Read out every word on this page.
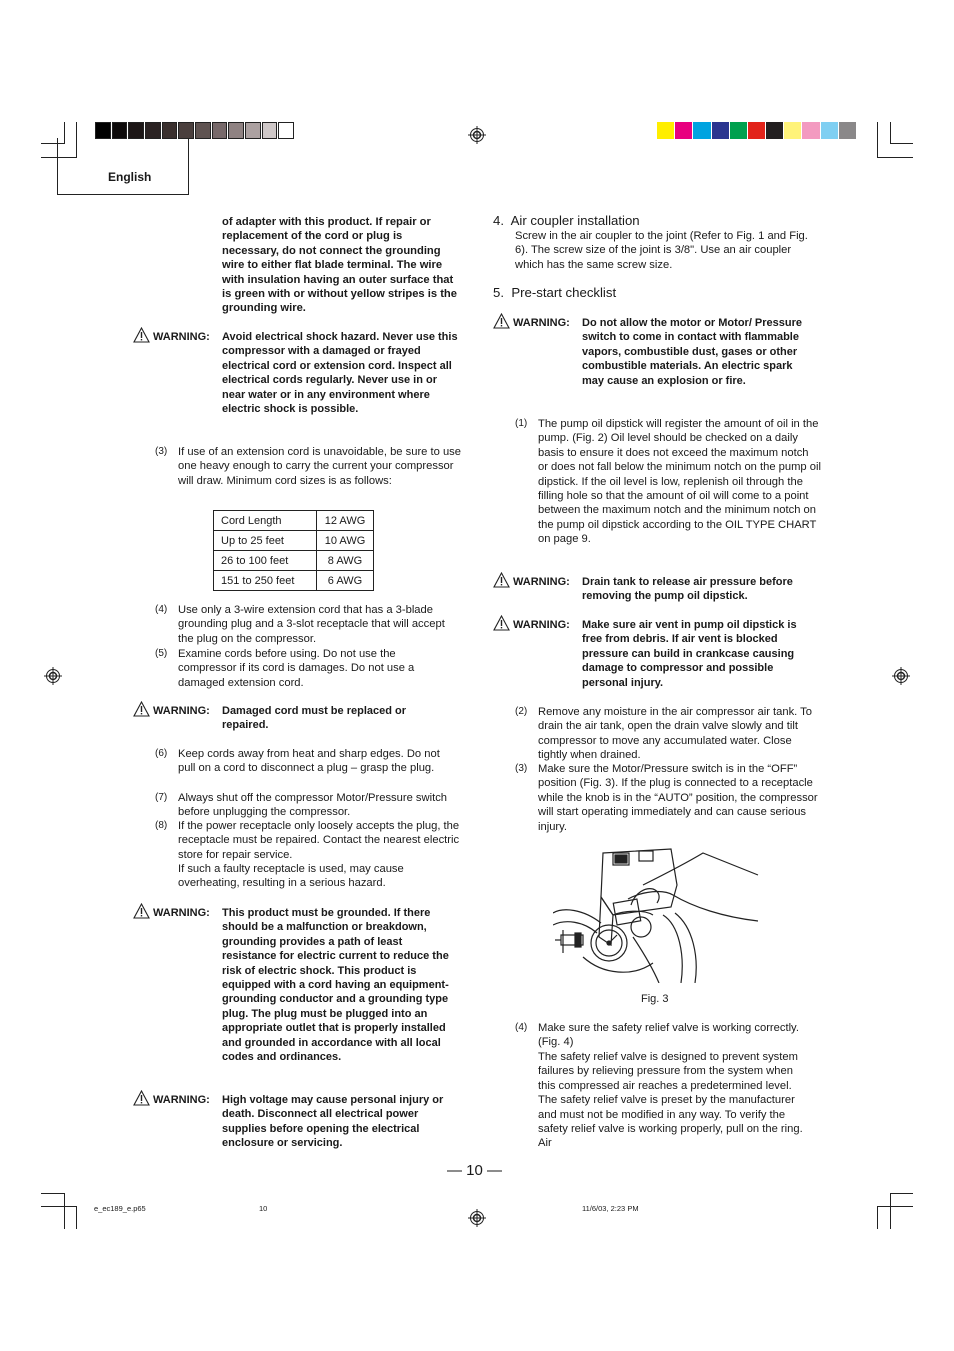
English
of adapter with this product. If repair or replacement of the cord or plug is necessary, do not connect the grounding wire to either flat blade terminal. The wire with insulation having an outer surface that is green with or without yellow stripes is the grounding wire.
WARNING: Avoid electrical shock hazard. Never use this compressor with a damaged or frayed electrical cord or extension cord. Inspect all electrical cords regularly. Never use in or near water or in any environment where electric shock is possible.
(3) If use of an extension cord is unavoidable, be sure to use one heavy enough to carry the current your compressor will draw. Minimum cord sizes is as follows:
Cord Length	12 AWG
Up to 25 feet	10 AWG
26 to 100 feet	8 AWG
151 to 250 feet	6 AWG
(4) Use only a 3-wire extension cord that has a 3-blade grounding plug and a 3-slot receptacle that will accept the plug on the compressor.
(5) Examine cords before using. Do not use the compressor if its cord is damages. Do not use a damaged extension cord.
WARNING: Damaged cord must be replaced or repaired.
(6) Keep cords away from heat and sharp edges. Do not pull on a cord to disconnect a plug – grasp the plug.
(7) Always shut off the compressor Motor/Pressure switch before unplugging the compressor.
(8) If the power receptacle only loosely accepts the plug, the receptacle must be repaired. Contact the nearest electric store for repair service.
If such a faulty receptacle is used, may cause overheating, resulting in a serious hazard.
WARNING: This product must be grounded. If there should be a malfunction or breakdown, grounding provides a path of least resistance for electric current to reduce the risk of electric shock. This product is equipped with a cord having an equipment-grounding conductor and a grounding type plug. The plug must be plugged into an appropriate outlet that is properly installed and grounded in accordance with all local codes and ordinances.
WARNING: High voltage may cause personal injury or death. Disconnect all electrical power supplies before opening the electrical enclosure or servicing.
4.  Air coupler installation
Screw in the air coupler to the joint (Refer to Fig. 1 and Fig. 6). The screw size of the joint is 3/8". Use an air coupler which has the same screw size.
5.  Pre-start checklist
WARNING: Do not allow the motor or Motor/ Pressure switch to come in contact with flammable vapors, combustible dust, gases or other combustible materials. An electric spark may cause an explosion or fire.
(1) The pump oil dipstick will register the amount of oil in the pump. (Fig. 2) Oil level should be checked on a daily basis to ensure it does not exceed the maximum notch or does not fall below the minimum notch on the pump oil dipstick. If the oil level is low, replenish oil through the filling hole so that the amount of oil will come to a point between the maximum notch and the minimum notch on the pump oil dipstick according to the OIL TYPE CHART on page 9.
WARNING: Drain tank to release air pressure before removing the pump oil dipstick.
WARNING: Make sure air vent in pump oil dipstick is free from debris. If air vent is blocked pressure can build in crankcase causing damage to compressor and possible personal injury.
(2) Remove any moisture in the air compressor air tank. To drain the air tank, open the drain valve slowly and tilt compressor to move any accumulated water. Close tightly when drained.
(3) Make sure the Motor/Pressure switch is in the “OFF” position (Fig. 3). If the plug is connected to a receptacle while the knob is in the “AUTO” position, the compressor will start operating immediately and can cause serious injury.
Fig. 3
(4) Make sure the safety relief valve is working correctly. (Fig. 4)
The safety relief valve is designed to prevent system failures by relieving pressure from the system when this compressed air reaches a predetermined level. The safety relief valve is preset by the manufacturer and must not be modified in any way. To verify the safety relief valve is working properly, pull on the ring. Air
— 10 —
e_ec189_e.p65	10	11/6/03, 2:23 PM
